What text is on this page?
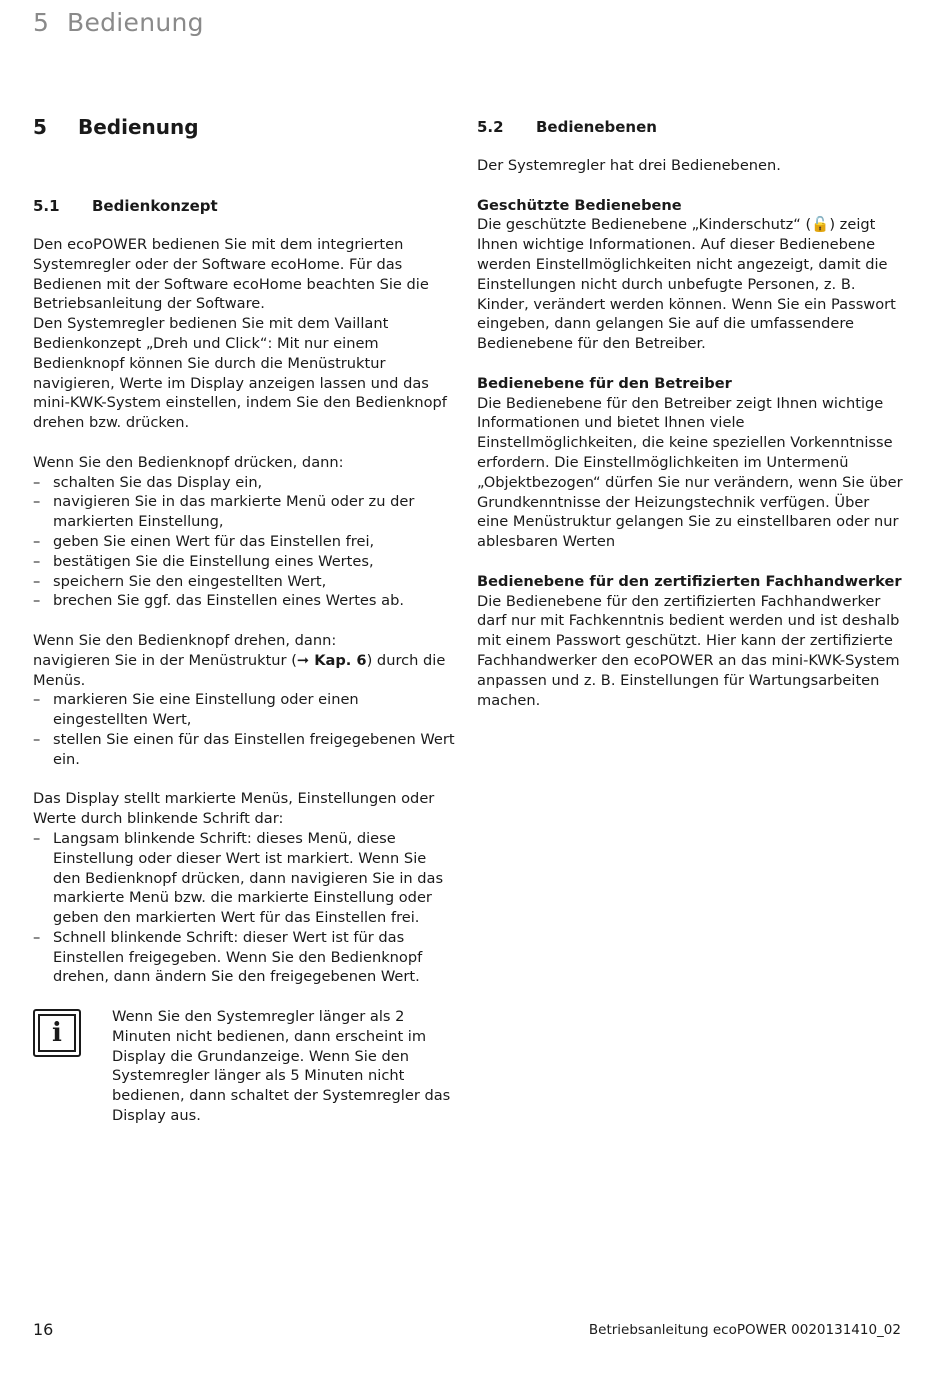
5 Bedienung
5 Bedienung
5.1 Bedienkonzept

Den ecoPOWER bedienen Sie mit dem integrierten Systemregler oder der Software ecoHome. Für das Bedienen mit der Software ecoHome beachten Sie die Betriebsanleitung der Software.

Den Systemregler bedienen Sie mit dem Vaillant Bedienkonzept „Dreh und Click“: Mit nur einem Bedienknopf können Sie durch die Menüstruktur navigieren, Werte im Display anzeigen lassen und das mini-KWK-System einstellen, indem Sie den Bedienknopf drehen bzw. drücken.

Wenn Sie den Bedienknopf drücken, dann:

– schalten Sie das Display ein,
– navigieren Sie in das markierte Menü oder zu der markierten Einstellung,
– geben Sie einen Wert für das Einstellen frei,
– bestätigen Sie die Einstellung eines Wertes,
– speichern Sie den eingestellten Wert,
– brechen Sie ggf. das Einstellen eines Wertes ab.

Wenn Sie den Bedienknopf drehen, dann:

navigieren Sie in der Menüstruktur (➞ Kap. 6) durch die Menüs.

– markieren Sie eine Einstellung oder einen eingestellten Wert,
– stellen Sie einen für das Einstellen freigegebenen Wert ein.

Das Display stellt markierte Menüs, Einstellungen oder Werte durch blinkende Schrift dar:

– Langsam blinkende Schrift: dieses Menü, diese Einstellung oder dieser Wert ist markiert. Wenn Sie den Bedienknopf drücken, dann navigieren Sie in das markierte Menü bzw. die markierte Einstellung oder geben den markierten Wert für das Einstellen frei.
– Schnell blinkende Schrift: dieser Wert ist für das Einstellen freigegeben. Wenn Sie den Bedienknopf drehen, dann ändern Sie den freigegebenen Wert.
i

Wenn Sie den Systemregler länger als 2 Minuten nicht bedienen, dann erscheint im Display die Grundanzeige. Wenn Sie den Systemregler länger als 5 Minuten nicht bedienen, dann schaltet der Systemregler das Display aus.

5.2 Bedienebenen

Der Systemregler hat drei Bedienebenen.

Geschützte Bedienebene

Die geschützte Bedienebene „Kinderschutz“ (🔓) zeigt Ihnen wichtige Informationen. Auf dieser Bedienebene werden Einstellmöglichkeiten nicht angezeigt, damit die Einstellungen nicht durch unbefugte Personen, z. B. Kinder, verändert werden können. Wenn Sie ein Passwort eingeben, dann gelangen Sie auf die umfassendere Bedienebene für den Betreiber.

Bedienebene für den Betreiber

Die Bedienebene für den Betreiber zeigt Ihnen wichtige Informationen und bietet Ihnen viele Einstellmöglichkeiten, die keine speziellen Vorkenntnisse erfordern. Die Einstellmöglichkeiten im Untermenü „Objektbezogen“ dürfen Sie nur verändern, wenn Sie über Grundkenntnisse der Heizungstechnik verfügen. Über eine Menüstruktur gelangen Sie zu einstellbaren oder nur ablesbaren Werten

Bedienebene für den zertifizierten Fachhandwerker

Die Bedienebene für den zertifizierten Fachhandwerker darf nur mit Fachkenntnis bedient werden und ist deshalb mit einem Passwort geschützt. Hier kann der zertifizierte Fachhandwerker den ecoPOWER an das mini-KWK-System anpassen und z. B. Einstellungen für Wartungsarbeiten machen.

16	Betriebsanleitung ecoPOWER 0020131410_02
